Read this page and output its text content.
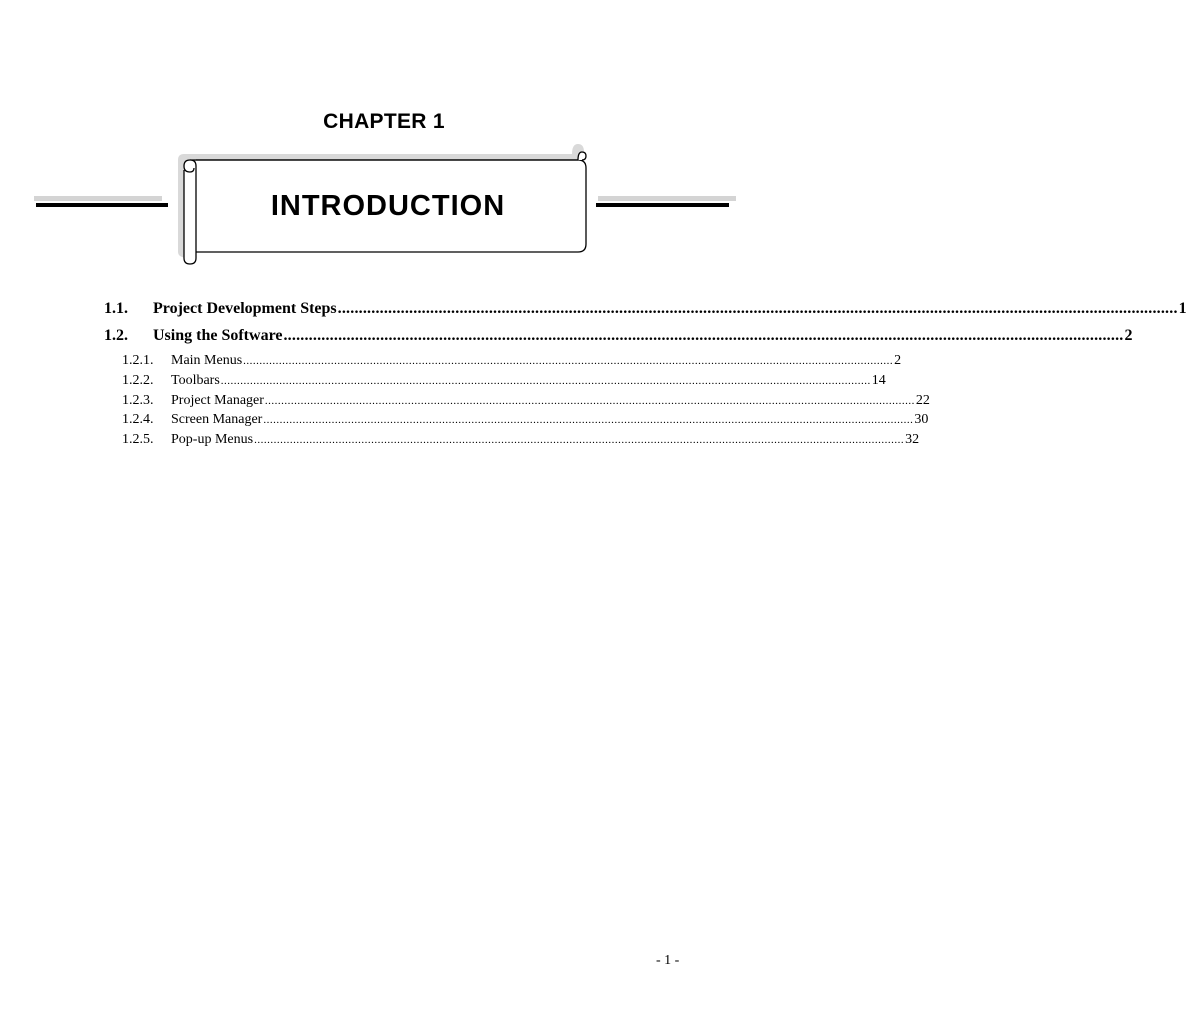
CHAPTER 1
INTRODUCTION
1.1.	Project Development Steps ........................................................................................................................................................................................................ 1
1.2.	Using the Software ........................................................................................................................................................................................................ 2
1.2.1.	Main Menus ........................................................................................................................................................................................................ 2
1.2.2.	Toolbars ........................................................................................................................................................................................................ 14
1.2.3.	Project Manager ........................................................................................................................................................................................................ 22
1.2.4.	Screen Manager ........................................................................................................................................................................................................ 30
1.2.5.	Pop-up Menus ........................................................................................................................................................................................................ 32
- 1 -
